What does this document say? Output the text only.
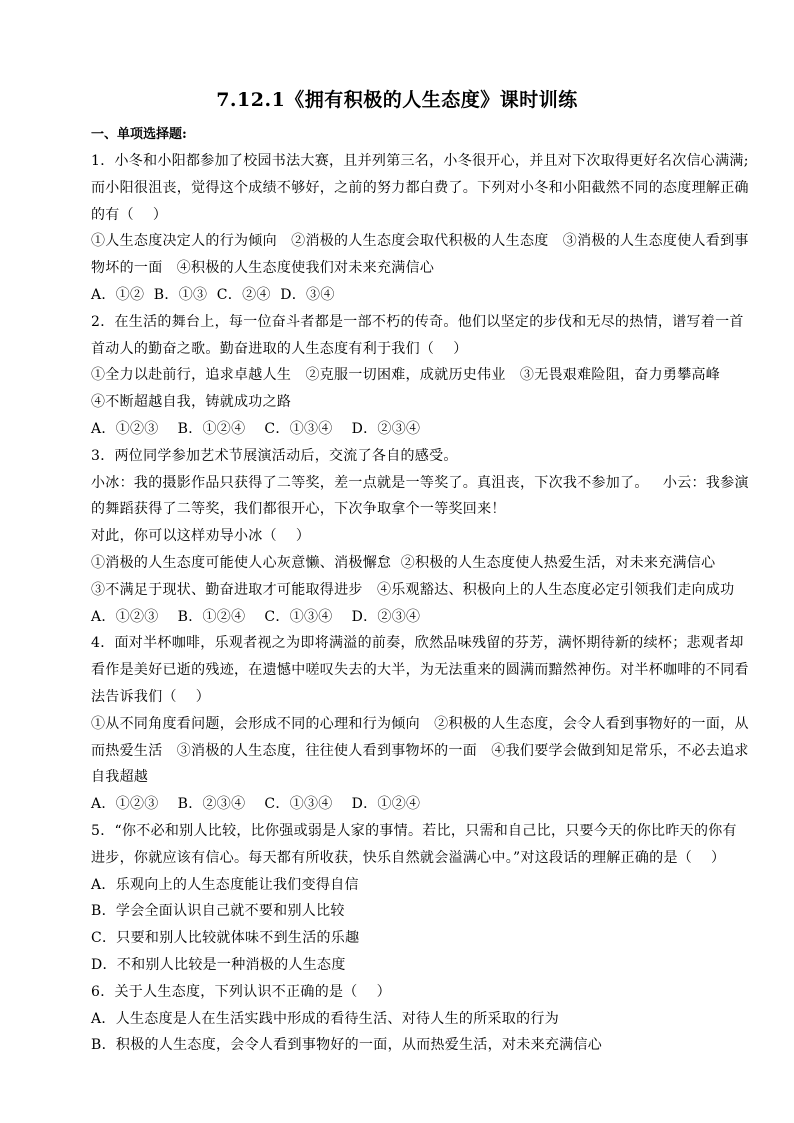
7.12.1《拥有积极的人生态度》课时训练
一、单项选择题:
1．小冬和小阳都参加了校园书法大赛，且并列第三名，小冬很开心，并且对下次取得更好名次信心满满;
而小阳很沮丧，觉得这个成绩不够好，之前的努力都白费了。下列对小冬和小阳截然不同的态度理解正确
的有（    ）
①人生态度决定人的行为倾向   ②消极的人生态度会取代积极的人生态度   ③消极的人生态度使人看到事
物坏的一面   ④积极的人生态度使我们对未来充满信心
A．①②  B．①③  C．②④  D．③④
2．在生活的舞台上，每一位奋斗者都是一部不朽的传奇。他们以坚定的步伐和无尽的热情，谱写着一首
首动人的勤奋之歌。勤奋进取的人生态度有利于我们（    ）
①全力以赴前行，追求卓越人生   ②克服一切困难，成就历史伟业   ③无畏艰难险阻，奋力勇攀高峰
④不断超越自我，铸就成功之路
A．①②③    B．①②④    C．①③④    D．②③④
3．两位同学参加艺术节展演活动后，交流了各自的感受。
小冰：我的摄影作品只获得了二等奖，差一点就是一等奖了。真沮丧，下次我不参加了。   小云：我参演
的舞蹈获得了二等奖，我们都很开心，下次争取拿个一等奖回来！
对此，你可以这样劝导小冰（    ）
①消极的人生态度可能使人心灰意懒、消极懈怠  ②积极的人生态度使人热爱生活，对未来充满信心
③不满足于现状、勤奋进取才可能取得进步   ④乐观豁达、积极向上的人生态度必定引领我们走向成功
A．①②③    B．①②④    C．①③④    D．②③④
4．面对半杯咖啡，乐观者视之为即将满溢的前奏，欣然品味残留的芬芳，满怀期待新的续杯；悲观者却
看作是美好已逝的残迹，在遗憾中嗟叹失去的大半，为无法重来的圆满而黯然神伤。对半杯咖啡的不同看
法告诉我们（    ）
①从不同角度看问题，会形成不同的心理和行为倾向   ②积极的人生态度，会令人看到事物好的一面，从
而热爱生活   ③消极的人生态度，往往使人看到事物坏的一面   ④我们要学会做到知足常乐，不必去追求
自我超越
A．①②③    B．②③④    C．①③④    D．①②④
5．“你不必和别人比较，比你强或弱是人家的事情。若比，只需和自己比，只要今天的你比昨天的你有
进步，你就应该有信心。每天都有所收获，快乐自然就会溢满心中。”对这段话的理解正确的是（    ）
A．乐观向上的人生态度能让我们变得自信
B．学会全面认识自己就不要和别人比较
C．只要和别人比较就体味不到生活的乐趣
D．不和别人比较是一种消极的人生态度
6．关于人生态度，下列认识不正确的是（    ）
A．人生态度是人在生活实践中形成的看待生活、对待人生的所采取的行为
B．积极的人生态度，会令人看到事物好的一面，从而热爱生活，对未来充满信心
